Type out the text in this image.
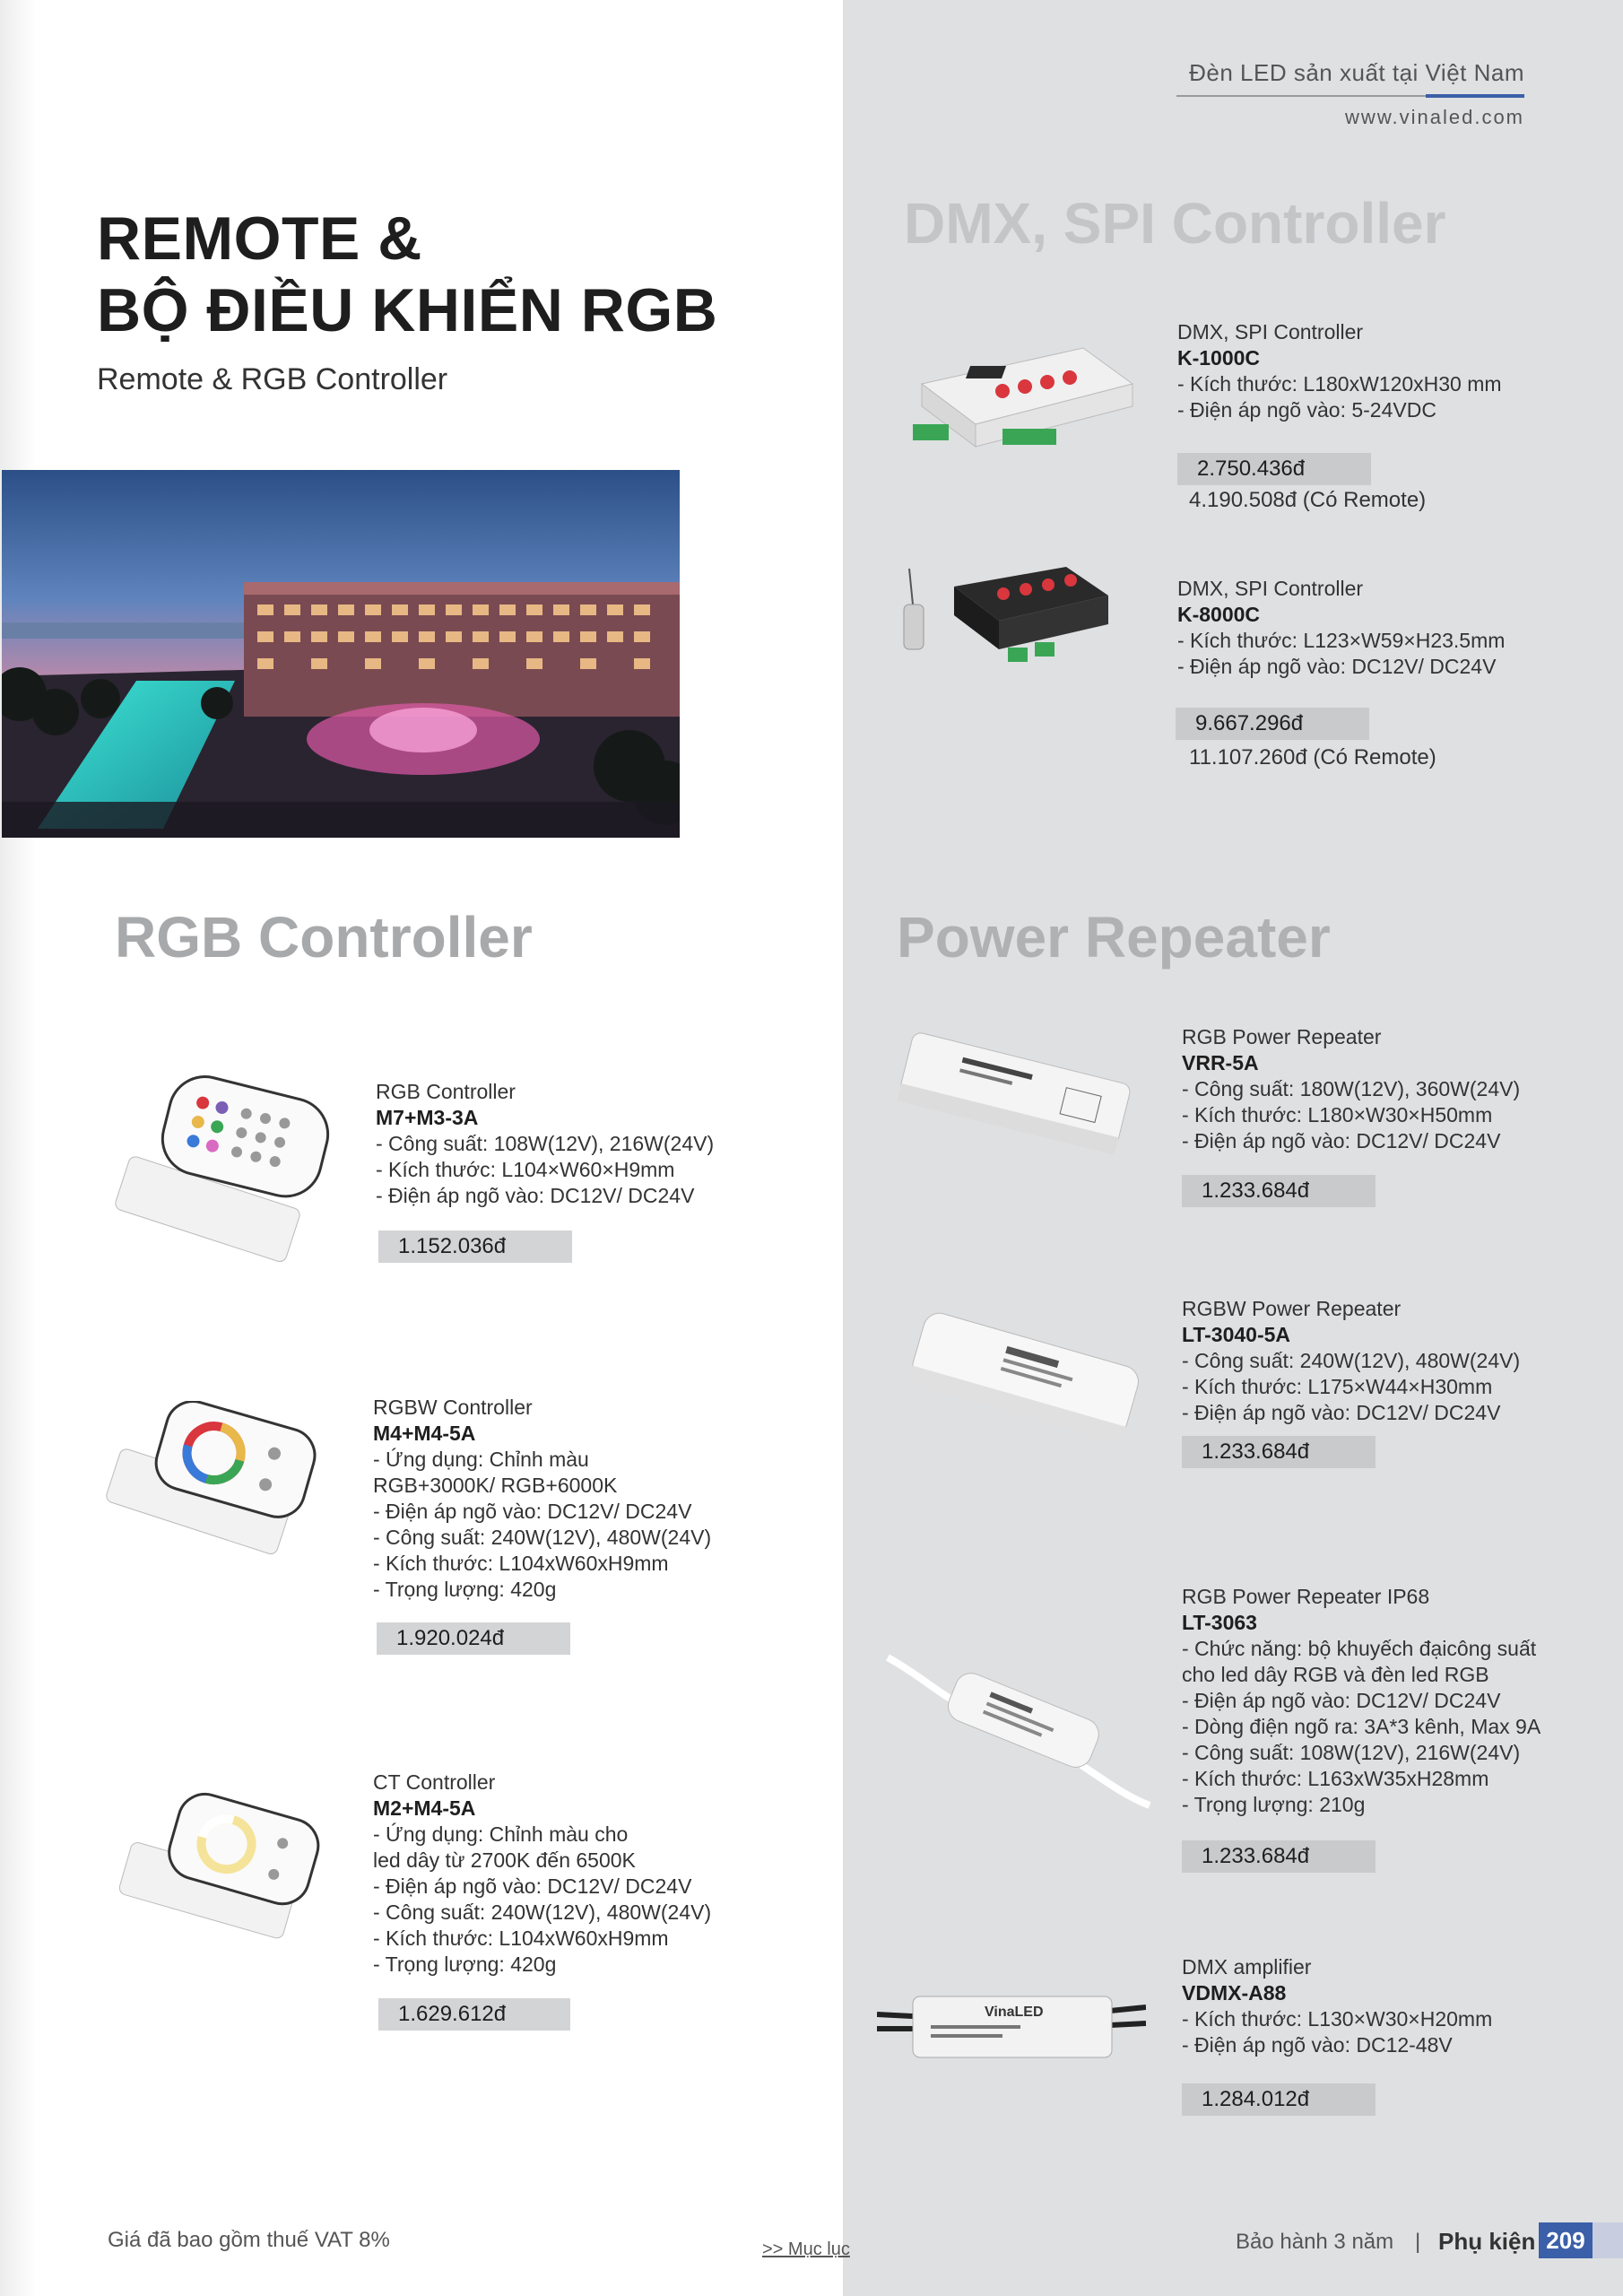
Đèn LED sản xuất tại Việt Nam
www.vinaled.com
REMOTE &
BỘ ĐIỀU KHIỂN RGB
Remote & RGB Controller
DMX, SPI Controller
RGB Controller	Power Repeater
DMX, SPI Controller
K-1000C
- Kích thước: L180xW120xH30 mm
- Điện áp ngõ vào: 5-24VDC
2.750.436đ
4.190.508đ (Có Remote)
DMX, SPI Controller
K-8000C
- Kích thước: L123×W59×H23.5mm
- Điện áp ngõ vào: DC12V/ DC24V
9.667.296đ
11.107.260đ (Có Remote)
RGB Controller
M7+M3-3A
- Công suất: 108W(12V), 216W(24V)
- Kích thước: L104×W60×H9mm
- Điện áp ngõ vào: DC12V/ DC24V
1.152.036đ
RGBW Controller
M4+M4-5A
- Ứng dụng: Chỉnh màu
RGB+3000K/ RGB+6000K
- Điện áp ngõ vào: DC12V/ DC24V
- Công suất: 240W(12V), 480W(24V)
- Kích thước: L104xW60xH9mm
- Trọng lượng: 420g
1.920.024đ
CT Controller
M2+M4-5A
- Ứng dụng: Chỉnh màu cho
led dây từ 2700K đến 6500K
- Điện áp ngõ vào: DC12V/ DC24V
- Công suất: 240W(12V), 480W(24V)
- Kích thước: L104xW60xH9mm
- Trọng lượng: 420g
1.629.612đ
RGB Power Repeater
VRR-5A
- Công suất: 180W(12V), 360W(24V)
- Kích thước: L180×W30×H50mm
- Điện áp ngõ vào: DC12V/ DC24V
1.233.684đ
RGBW Power Repeater
LT-3040-5A
- Công suất: 240W(12V), 480W(24V)
- Kích thước: L175×W44×H30mm
- Điện áp ngõ vào: DC12V/ DC24V
1.233.684đ
RGB Power Repeater IP68
LT-3063
- Chức năng: bộ khuyếch đạicông suất
cho led dây RGB và đèn led RGB
- Điện áp ngõ vào: DC12V/ DC24V
- Dòng điện ngõ ra: 3A*3 kênh, Max 9A
- Công suất: 108W(12V), 216W(24V)
- Kích thước: L163xW35xH28mm
- Trọng lượng: 210g
1.233.684đ
VinaLED
DMX amplifier
VDMX-A88
- Kích thước: L130×W30×H20mm
- Điện áp ngõ vào: DC12-48V
1.284.012đ
Giá đã bao gồm thuế VAT 8%	>> Mục lục	Bảo hành 3 năm | Phụ kiện 209
